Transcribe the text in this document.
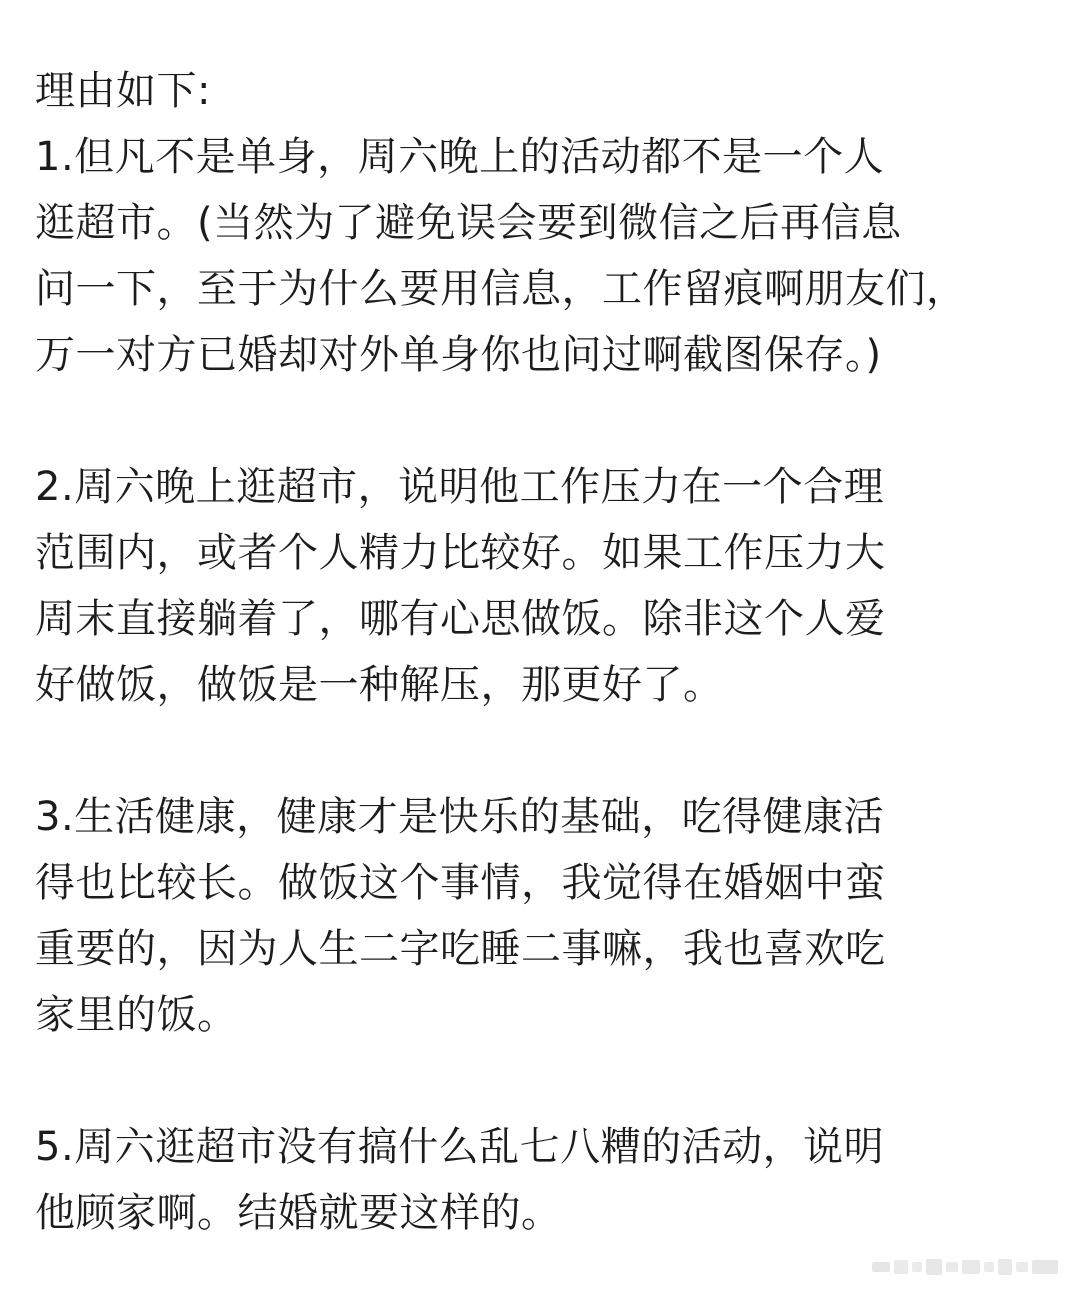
理由如下:
1.但凡不是单身，周六晚上的活动都不是一个人
逛超市。(当然为了避免误会要到微信之后再信息
问一下，至于为什么要用信息，工作留痕啊朋友们，
万一对方已婚却对外单身你也问过啊截图保存。)
2.周六晚上逛超市，说明他工作压力在一个合理
范围内，或者个人精力比较好。如果工作压力大
周末直接躺着了，哪有心思做饭。除非这个人爱
好做饭，做饭是一种解压，那更好了。
3.生活健康，健康才是快乐的基础，吃得健康活
得也比较长。做饭这个事情，我觉得在婚姻中蛮
重要的，因为人生二字吃睡二事嘛，我也喜欢吃
家里的饭。
5.周六逛超市没有搞什么乱七八糟的活动，说明
他顾家啊。结婚就要这样的。
